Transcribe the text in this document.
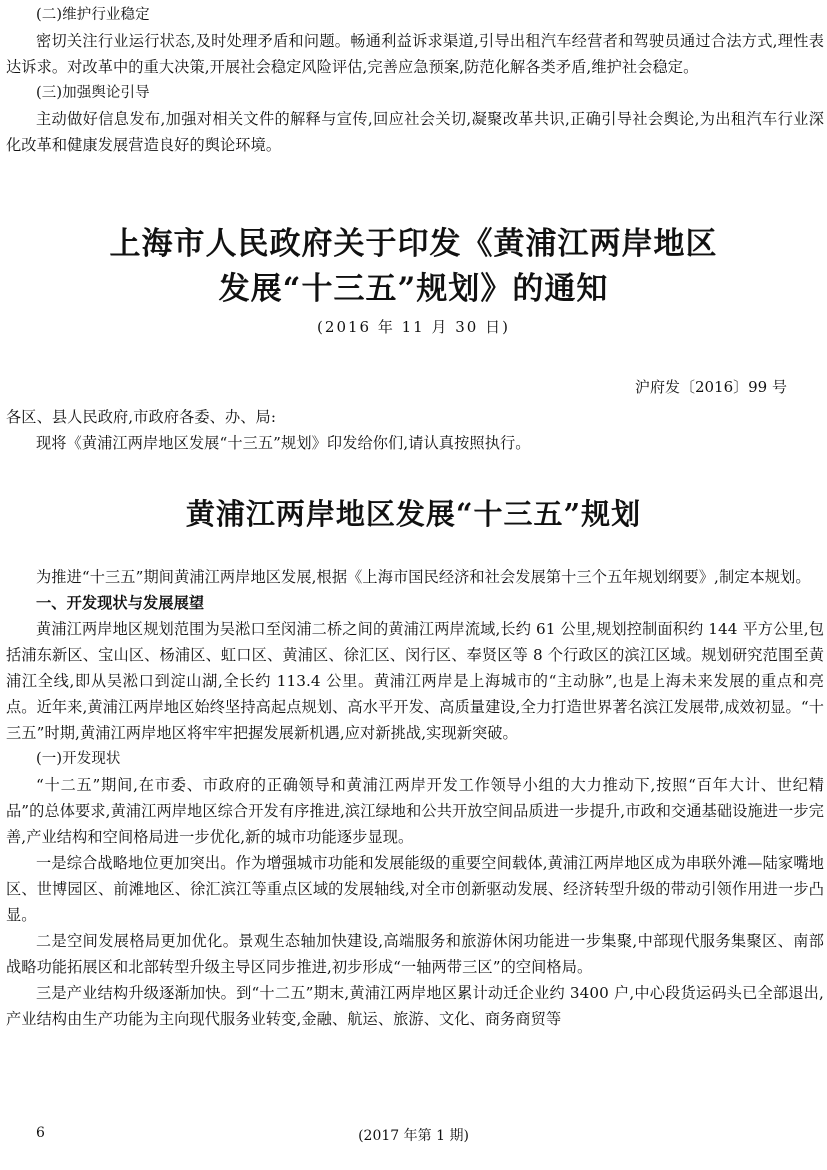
(二)维护行业稳定

密切关注行业运行状态,及时处理矛盾和问题。畅通利益诉求渠道,引导出租汽车经营者和驾驶员通过合法方式,理性表达诉求。对改革中的重大决策,开展社会稳定风险评估,完善应急预案,防范化解各类矛盾,维护社会稳定。

(三)加强舆论引导

主动做好信息发布,加强对相关文件的解释与宣传,回应社会关切,凝聚改革共识,正确引导社会舆论,为出租汽车行业深化改革和健康发展营造良好的舆论环境。

上海市人民政府关于印发《黄浦江两岸地区
发展“十三五”规划》的通知
(2016 年 11 月 30 日)
沪府发〔2016〕99 号

各区、县人民政府,市政府各委、办、局:

现将《黄浦江两岸地区发展“十三五”规划》印发给你们,请认真按照执行。

黄浦江两岸地区发展“十三五”规划

为推进“十三五”期间黄浦江两岸地区发展,根据《上海市国民经济和社会发展第十三个五年规划纲要》,制定本规划。

一、开发现状与发展展望

黄浦江两岸地区规划范围为吴淞口至闵浦二桥之间的黄浦江两岸流域,长约 61 公里,规划控制面积约 144 平方公里,包括浦东新区、宝山区、杨浦区、虹口区、黄浦区、徐汇区、闵行区、奉贤区等 8 个行政区的滨江区域。规划研究范围至黄浦江全线,即从吴淞口到淀山湖,全长约 113.4 公里。黄浦江两岸是上海城市的“主动脉”,也是上海未来发展的重点和亮点。近年来,黄浦江两岸地区始终坚持高起点规划、高水平开发、高质量建设,全力打造世界著名滨江发展带,成效初显。“十三五”时期,黄浦江两岸地区将牢牢把握发展新机遇,应对新挑战,实现新突破。

(一)开发现状

“十二五”期间,在市委、市政府的正确领导和黄浦江两岸开发工作领导小组的大力推动下,按照“百年大计、世纪精品”的总体要求,黄浦江两岸地区综合开发有序推进,滨江绿地和公共开放空间品质进一步提升,市政和交通基础设施进一步完善,产业结构和空间格局进一步优化,新的城市功能逐步显现。

一是综合战略地位更加突出。作为增强城市功能和发展能级的重要空间载体,黄浦江两岸地区成为串联外滩—陆家嘴地区、世博园区、前滩地区、徐汇滨江等重点区域的发展轴线,对全市创新驱动发展、经济转型升级的带动引领作用进一步凸显。

二是空间发展格局更加优化。景观生态轴加快建设,高端服务和旅游休闲功能进一步集聚,中部现代服务集聚区、南部战略功能拓展区和北部转型升级主导区同步推进,初步形成“一轴两带三区”的空间格局。

三是产业结构升级逐渐加快。到“十二五”期末,黄浦江两岸地区累计动迁企业约 3400 户,中心段货运码头已全部退出,产业结构由生产功能为主向现代服务业转变,金融、航运、旅游、文化、商务商贸等

6	(2017 年第 1 期)
